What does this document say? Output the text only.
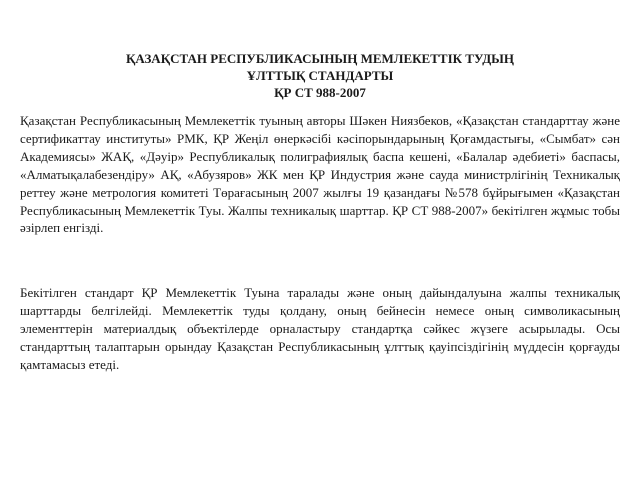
ҚАЗАҚСТАН РЕСПУБЛИКАСЫНЫҢ МЕМЛЕКЕТТІК ТУДЫҢ
ҰЛТТЫҚ СТАНДАРТЫ
ҚР СТ 988-2007

Қазақстан Республикасының Мемлекеттік туының авторы Шәкен Ниязбеков, «Қазақстан стандарттау және сертификаттау институты» РМК, ҚР Жеңіл өнеркәсібі кәсіпорындарының Қоғамдастығы, «Сымбат» сән Академиясы» ЖАҚ, «Дәуір» Республикалық полиграфиялық баспа кешені, «Балалар әдебиеті» баспасы, «Алматықалабезендіру» АҚ, «Абузяров» ЖК мен ҚР Индустрия және сауда министрлігінің Техникалық реттеу және метрология комитеті Төрағасының 2007 жылғы 19 қазандағы №578 бұйрығымен «Қазақстан Республикасының Мемлекеттік Туы. Жалпы техникалық шарттар. ҚР СТ 988-2007» бекітілген жұмыс тобы әзірлеп енгізді.

Бекітілген стандарт ҚР Мемлекеттік Туына таралады және оның дайындалуына жалпы техникалық шарттарды белгілейді. Мемлекеттік туды қолдану, оның бейнесін немесе оның символикасының элементтерін материалдық объектілерде орналастыру стандартқа сәйкес жүзеге асырылады. Осы стандарттың талаптарын орындау Қазақстан Республикасының ұлттық қауіпсіздігінің мүддесін қорғауды қамтамасыз етеді.
